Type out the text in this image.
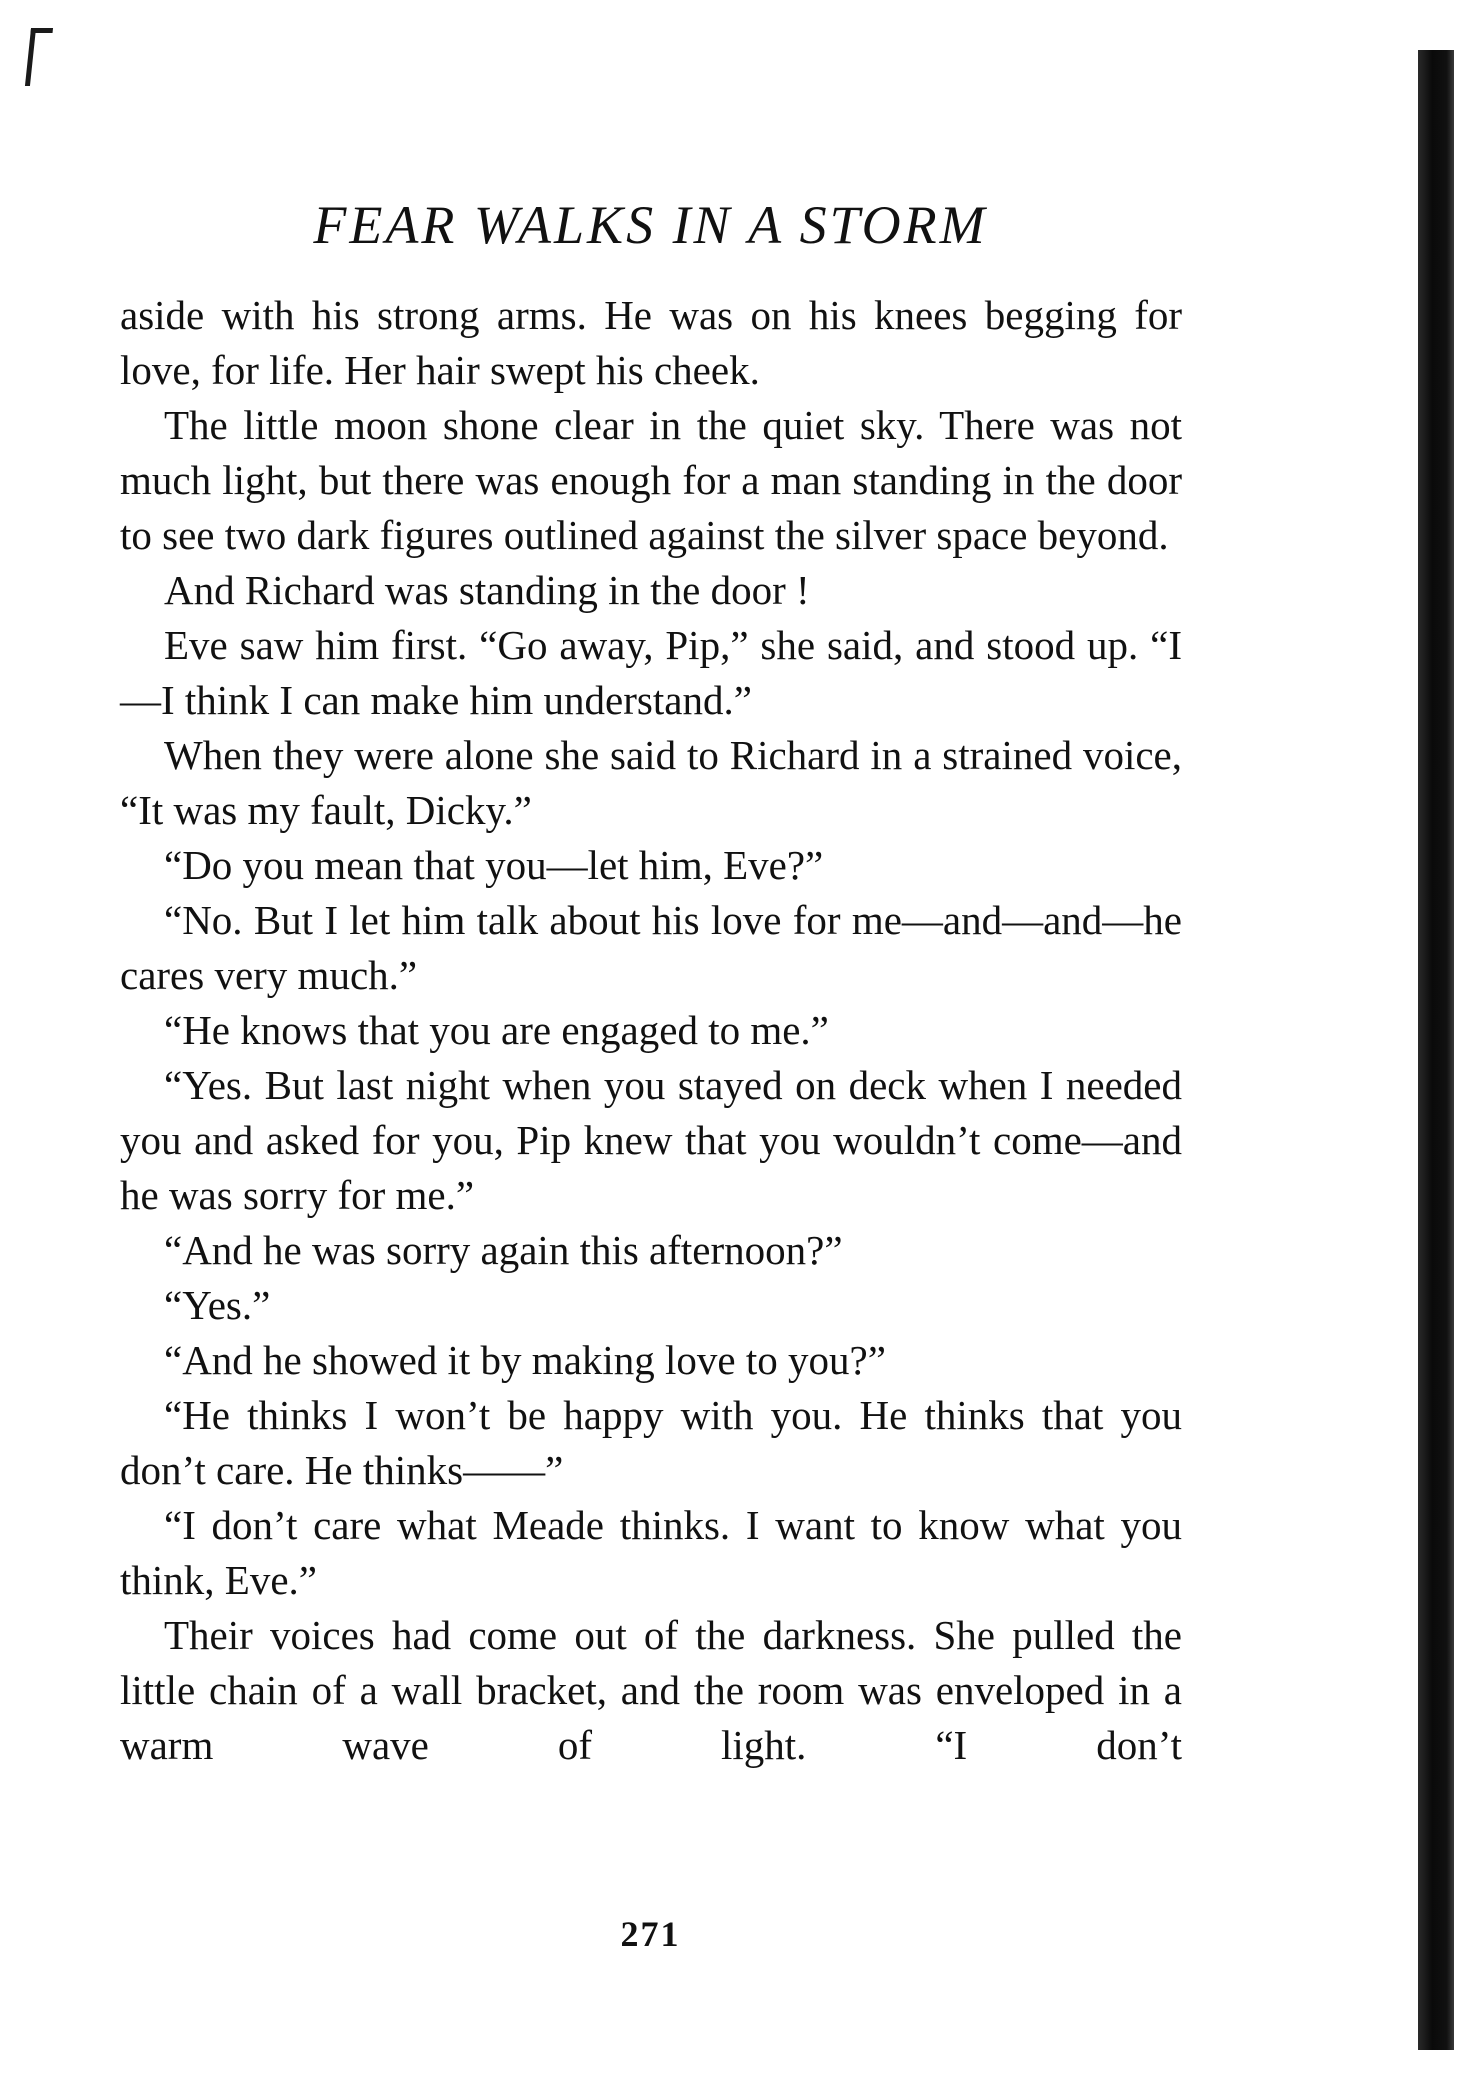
FEAR WALKS IN A STORM

aside with his strong arms. He was on his knees begging for love, for life. Her hair swept his cheek.

The little moon shone clear in the quiet sky. There was not much light, but there was enough for a man standing in the door to see two dark figures outlined against the silver space beyond.

And Richard was standing in the door !

Eve saw him first. “Go away, Pip,” she said, and stood up. “I—I think I can make him understand.”

When they were alone she said to Richard in a strained voice, “It was my fault, Dicky.”

“Do you mean that you—let him, Eve?”

“No. But I let him talk about his love for me—and—and—he cares very much.”

“He knows that you are engaged to me.”

“Yes. But last night when you stayed on deck when I needed you and asked for you, Pip knew that you wouldn’t come—and he was sorry for me.”

“And he was sorry again this afternoon?”

“Yes.”

“And he showed it by making love to you?”

“He thinks I won’t be happy with you. He thinks that you don’t care. He thinks——”

“I don’t care what Meade thinks. I want to know what you think, Eve.”

Their voices had come out of the darkness. She pulled the little chain of a wall bracket, and the room was enveloped in a warm wave of light. “I don’t

271
